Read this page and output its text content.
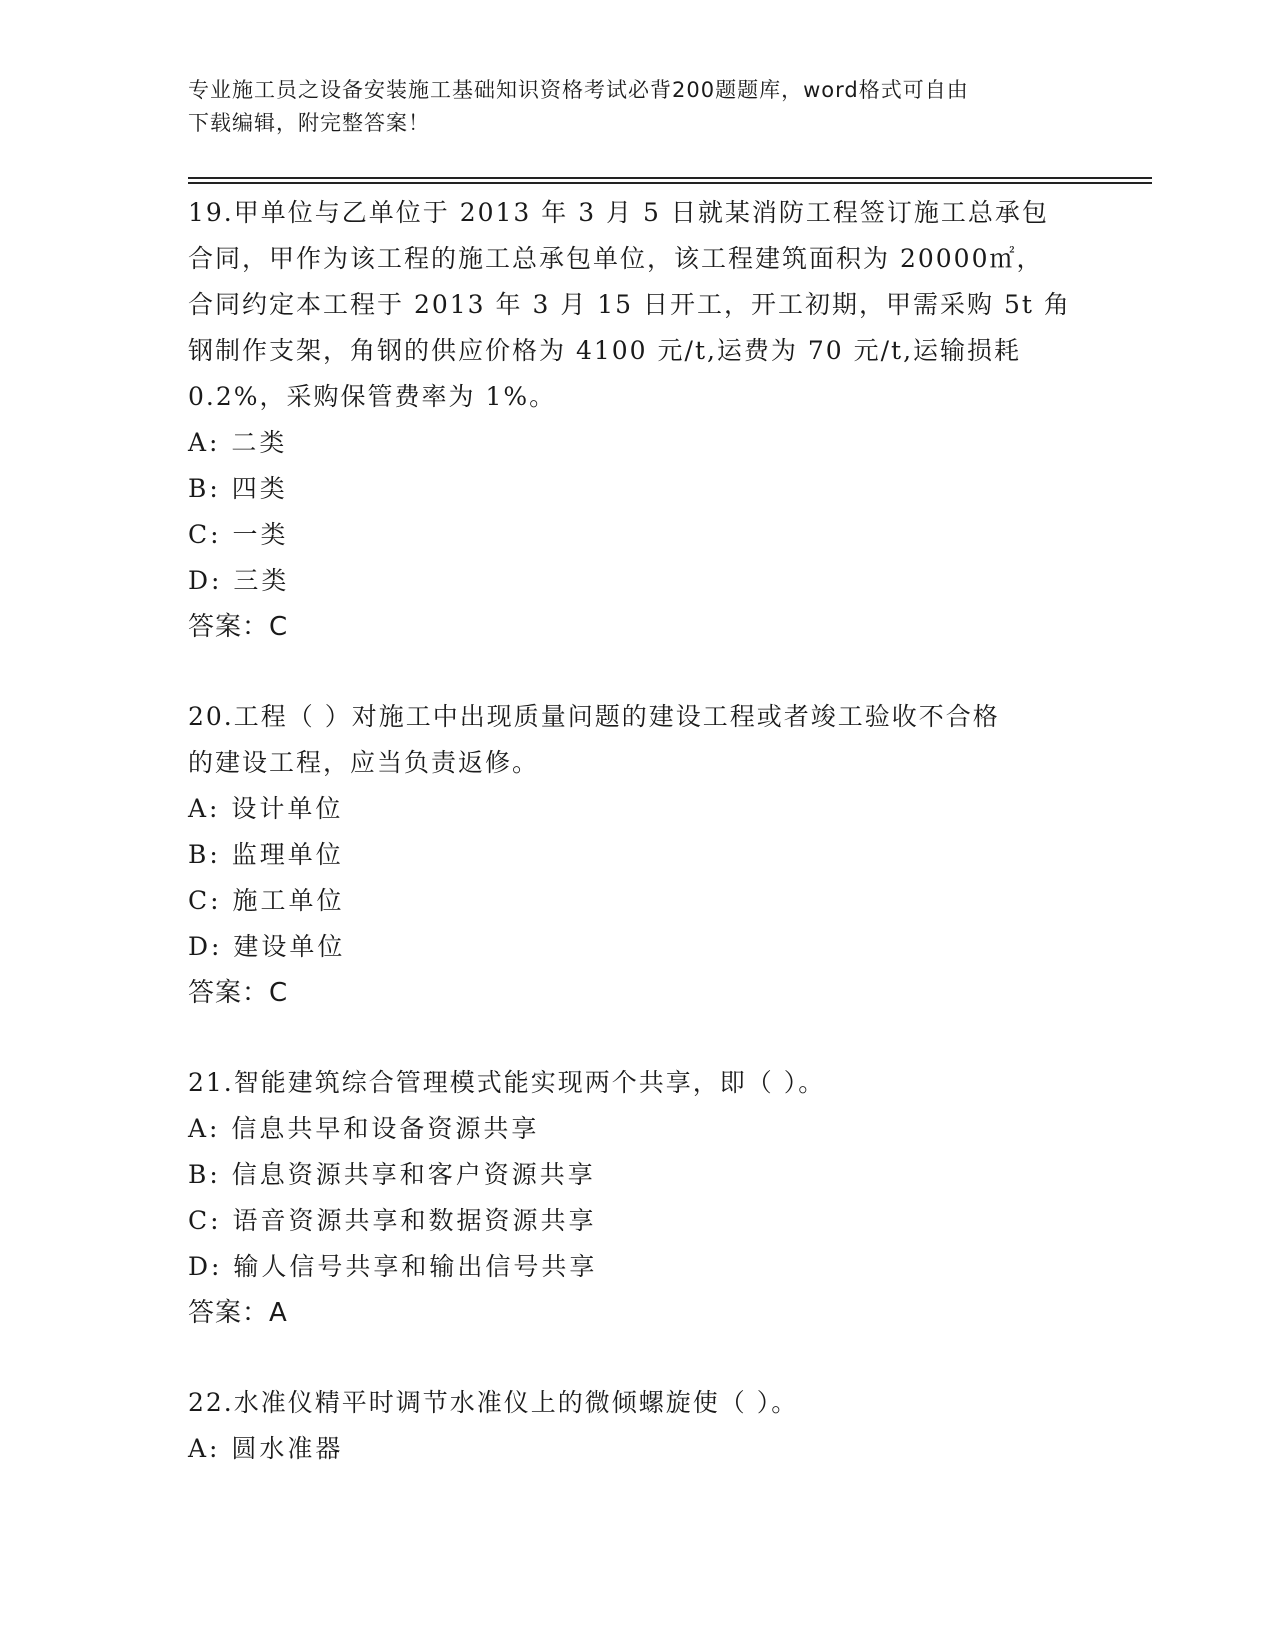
专业施工员之设备安装施工基础知识资格考试必背200题题库，word格式可自由
下载编辑，附完整答案！
19.甲单位与乙单位于 2013 年 3 月 5 日就某消防工程签订施工总承包
合同，甲作为该工程的施工总承包单位，该工程建筑面积为 20000㎡，
合同约定本工程于 2013 年 3 月 15 日开工，开工初期，甲需采购 5t 角
钢制作支架，角钢的供应价格为 4100 元/t,运费为 70 元/t,运输损耗
0.2%，采购保管费率为 1%。
A: 二类
B: 四类
C: 一类
D: 三类
答案：C
20.工程（ ）对施工中出现质量问题的建设工程或者竣工验收不合格
的建设工程，应当负责返修。
A: 设计单位
B: 监理单位
C: 施工单位
D: 建设单位
答案：C
21.智能建筑综合管理模式能实现两个共享，即（ ）。
A: 信息共早和设备资源共享
B: 信息资源共享和客户资源共享
C: 语音资源共享和数据资源共享
D: 输人信号共享和输出信号共享
答案：A
22.水准仪精平时调节水准仪上的微倾螺旋使（ ）。
A: 圆水准器
